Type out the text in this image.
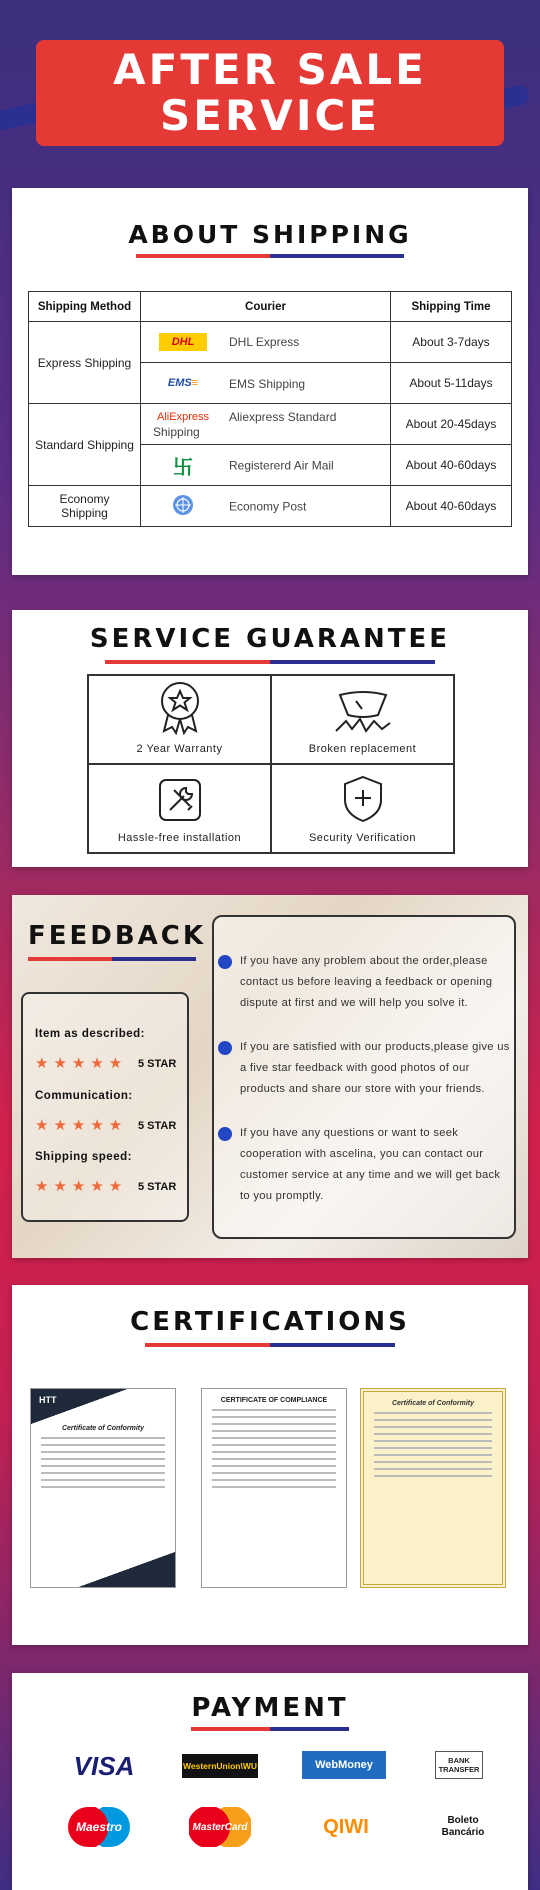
AFTER SALE
SERVICE
ABOUT SHIPPING
Shipping Method	Courier	Shipping Time
Express Shipping	DHL DHL Express	About 3-7days
	EMS≡ EMS Shipping	About 5-11days
Standard Shipping	AliExpress Aliexpress Standard Shipping	About 20-45days
	卐 Registererd Air Mail	About 40-60days
Economy Shipping	Economy Post	About 40-60days
SERVICE GUARANTEE
2 Year Warranty	Broken replacement
Hassle-free installation	Security Verification
FEEDBACK
Item as described:
★★★★★ 5 STAR
Communication:
★★★★★ 5 STAR
Shipping speed:
★★★★★ 5 STAR
If you have any problem about the order,please contact us before leaving a feedback or opening dispute at first and we will help you solve it.
If you are satisfied with our products,please give us a five star feedback with good photos of our products and share our store with your friends.
If you have any questions or want to seek cooperation with ascelina, you can contact our customer service at any time and we will get back to you promptly.
CERTIFICATIONS
HTT
Certificate of Conformity
CERTIFICATE OF COMPLIANCE	Certificate of Conformity
PAYMENT
VISA	WesternUnion\WU	WebMoney	BANK TRANSFER
Maestro	MasterCard	QIWI	Boleto Bancário
